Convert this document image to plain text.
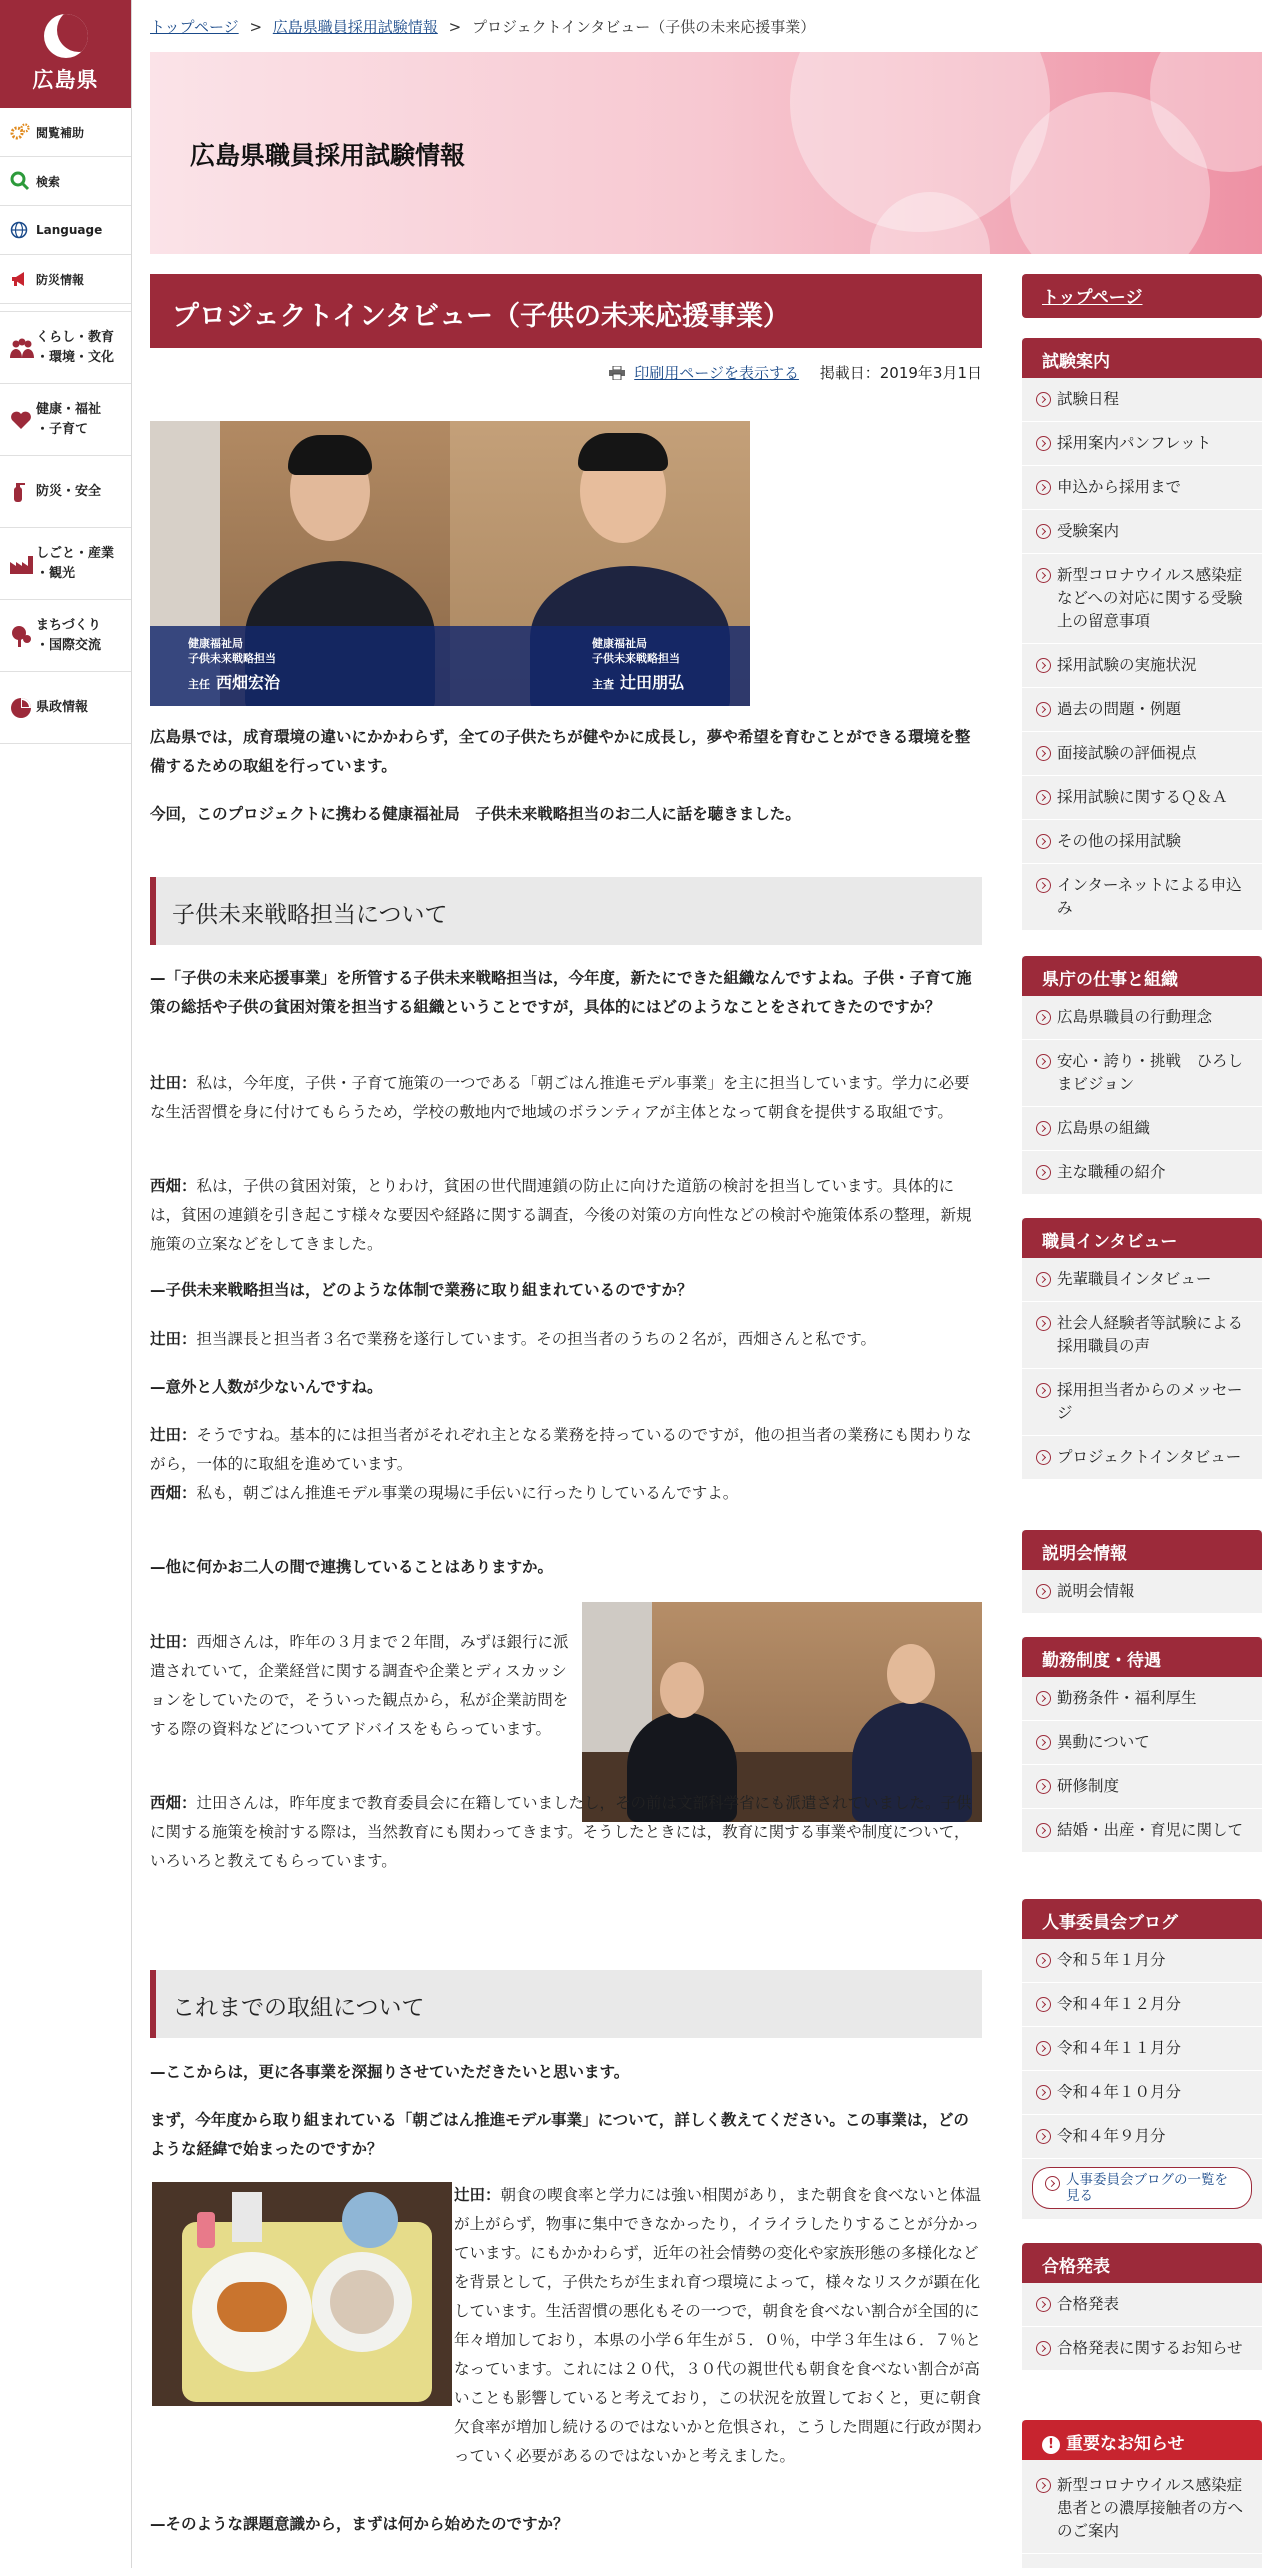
広島県
閲覧補助
検索
Language
防災情報
くらし・教育
・環境・文化
健康・福祉
・子育て
防災・安全
しごと・産業
・観光
まちづくり
・国際交流
県政情報
トップページ > 広島県職員採用試験情報 > プロジェクトインタビュー（子供の未来応援事業）
広島県職員採用試験情報
プロジェクトインタビュー（子供の未来応援事業）
印刷用ページを表示する 掲載日：2019年3月1日
健康福祉局
子供未来戦略担当
主任 西畑宏治
健康福祉局
子供未来戦略担当
主査 辻田朋弘

広島県では，成育環境の違いにかかわらず，全ての子供たちが健やかに成長し，夢や希望を育むことができる環境を整備するための取組を行っています。

今回，このプロジェクトに携わる健康福祉局　子供未来戦略担当のお二人に話を聴きました。

子供未来戦略担当について

—「子供の未来応援事業」を所管する子供未来戦略担当は，今年度，新たにできた組織なんですよね。子供・子育て施策の総括や子供の貧困対策を担当する組織ということですが，具体的にはどのようなことをされてきたのですか？

辻田：私は，今年度，子供・子育て施策の一つである「朝ごはん推進モデル事業」を主に担当しています。学力に必要な生活習慣を身に付けてもらうため，学校の敷地内で地域のボランティアが主体となって朝食を提供する取組です。

西畑：私は，子供の貧困対策，とりわけ，貧困の世代間連鎖の防止に向けた道筋の検討を担当しています。具体的には，貧困の連鎖を引き起こす様々な要因や経路に関する調査，今後の対策の方向性などの検討や施策体系の整理，新規施策の立案などをしてきました。

—子供未来戦略担当は，どのような体制で業務に取り組まれているのですか？

辻田：担当課長と担当者３名で業務を遂行しています。その担当者のうちの２名が，西畑さんと私です。

—意外と人数が少ないんですね。

辻田：そうですね。基本的には担当者がそれぞれ主となる業務を持っているのですが，他の担当者の業務にも関わりながら，一体的に取組を進めています。
西畑：私も，朝ごはん推進モデル事業の現場に手伝いに行ったりしているんですよ。

—他に何かお二人の間で連携していることはありますか。

辻田：西畑さんは，昨年の３月まで２年間，みずほ銀行に派遣されていて，企業経営に関する調査や企業とディスカッションをしていたので，そういった観点から，私が企業訪問をする際の資料などについてアドバイスをもらっています。

西畑：辻田さんは，昨年度まで教育委員会に在籍していましたし，その前は文部科学省にも派遣されていました。子供に関する施策を検討する際は，当然教育にも関わってきます。そうしたときには，教育に関する事業や制度について，いろいろと教えてもらっています。

これまでの取組について

—ここからは，更に各事業を深掘りさせていただきたいと思います。

まず，今年度から取り組まれている「朝ごはん推進モデル事業」について，詳しく教えてください。この事業は，どのような経緯で始まったのですか？

辻田：朝食の喫食率と学力には強い相関があり，また朝食を食べないと体温が上がらず，物事に集中できなかったり，イライラしたりすることが分かっています。にもかかわらず，近年の社会情勢の変化や家族形態の多様化などを背景として，子供たちが生まれ育つ環境によって，様々なリスクが顕在化しています。生活習慣の悪化もその一つで，朝食を食べない割合が全国的に年々増加しており，本県の小学６年生が５．０％，中学３年生は６．７％となっています。これには２０代，３０代の親世代も朝食を食べない割合が高いことも影響していると考えており，この状況を放置しておくと，更に朝食欠食率が増加し続けるのではないかと危惧され，こうした問題に行政が関わっていく必要があるのではないかと考えました。

—そのような課題意識から，まずは何から始めたのですか？

トップページ
試験案内
試験日程
採用案内パンフレット
申込から採用まで
受験案内
新型コロナウイルス感染症などへの対応に関する受験上の留意事項
採用試験の実施状況
過去の問題・例題
面接試験の評価視点
採用試験に関するＱ＆Ａ
その他の採用試験
インターネットによる申込み
県庁の仕事と組織
広島県職員の行動理念
安心・誇り・挑戦　ひろしまビジョン
広島県の組織
主な職種の紹介
職員インタビュー
先輩職員インタビュー
社会人経験者等試験による採用職員の声
採用担当者からのメッセージ
プロジェクトインタビュー
説明会情報
説明会情報
勤務制度・待遇
勤務条件・福利厚生
異動について
研修制度
結婚・出産・育児に関して
人事委員会ブログ
令和５年１月分
令和４年１２月分
令和４年１１月分
令和４年１０月分
令和４年９月分
人事委員会ブログの一覧を見る
合格発表
合格発表
合格発表に関するお知らせ
! 重要なお知らせ
新型コロナウイルス感染症患者との濃厚接触者の方へのご案内
